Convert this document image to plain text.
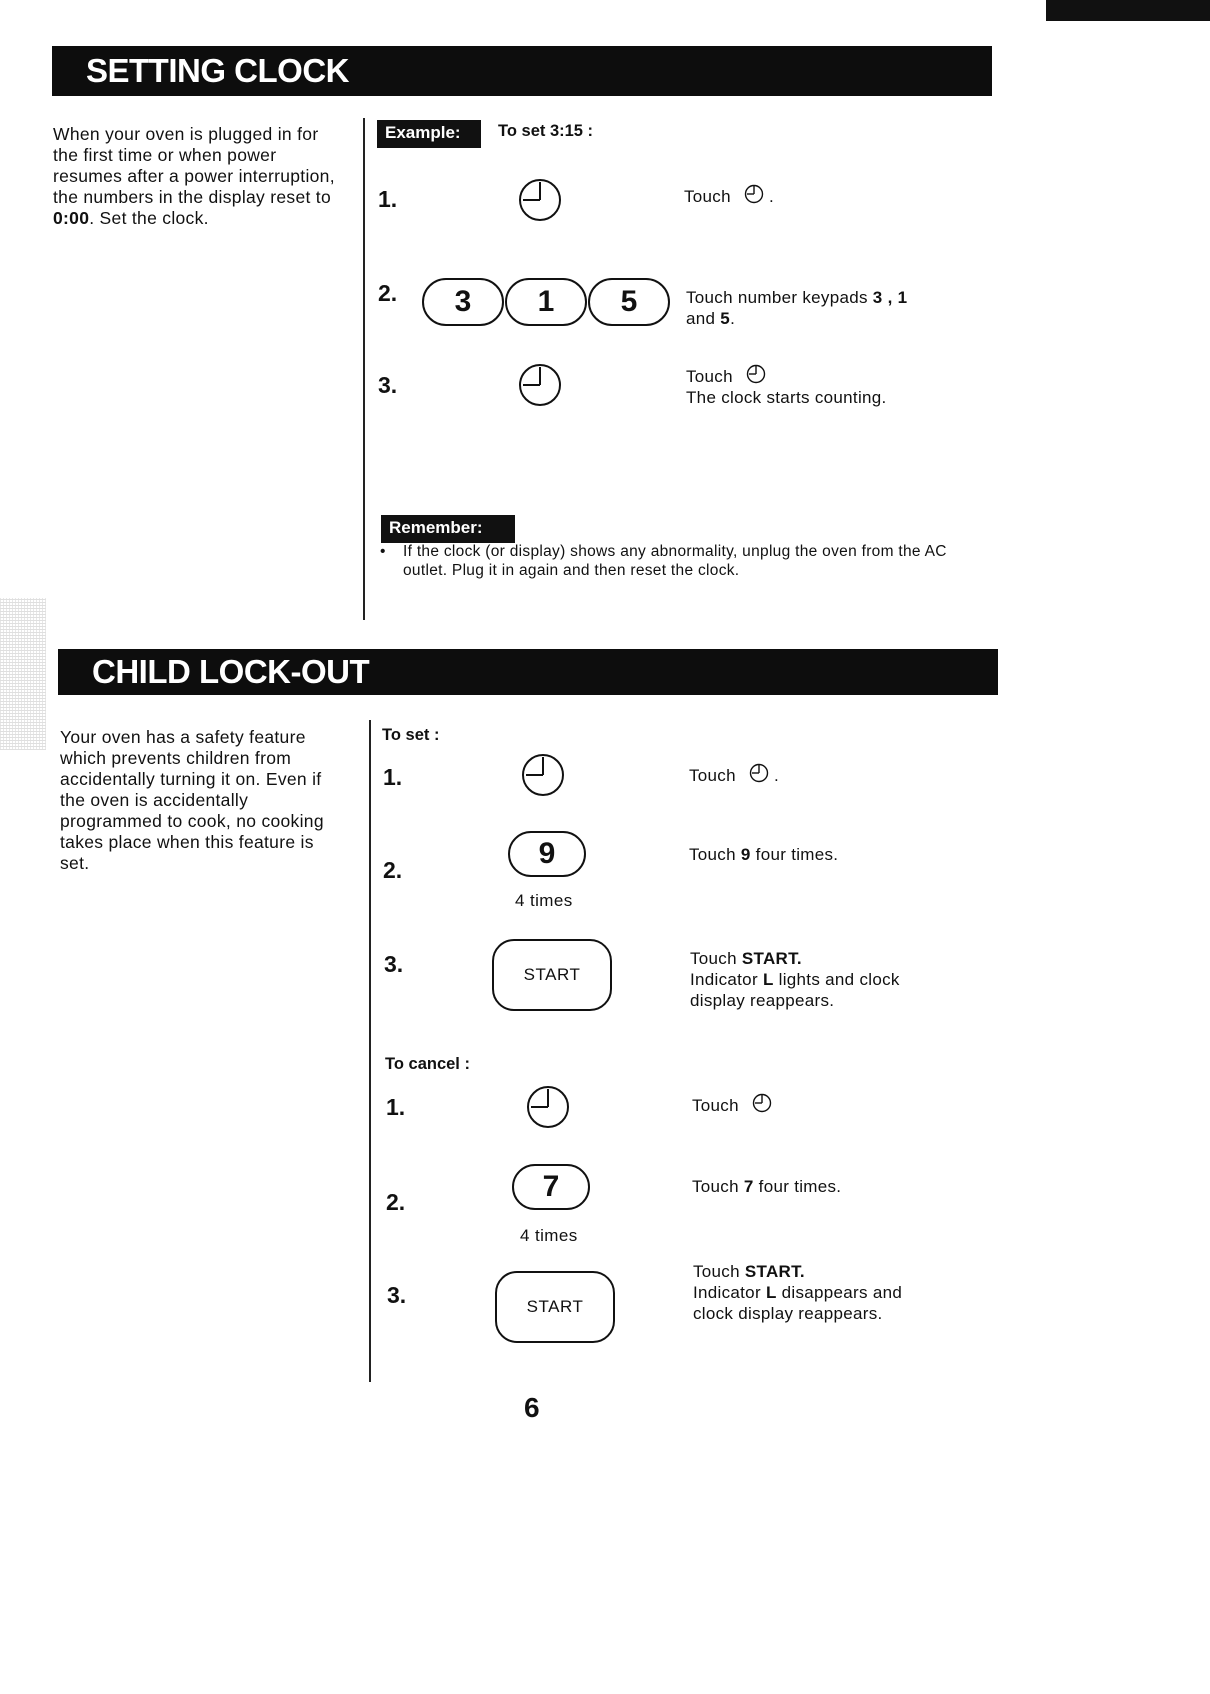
SETTING CLOCK
When your oven is plugged in for the first time or when power resumes after a power interruption, the numbers in the display reset to 0:00. Set the clock.
Example:	To set 3:15 :
1.	Touch .
2.	3	1	5	Touch number keypads 3 , 1
and 5.
3.	Touch
The clock starts counting.
Remember:
•	If the clock (or display) shows any abnormality, unplug the oven from the AC outlet. Plug it in again and then reset the clock.
CHILD LOCK-OUT
Your oven has a safety feature which prevents children from accidentally turning it on. Even if the oven is accidentally programmed to cook, no cooking takes place when this feature is set.
To set :
1.	Touch .
2.	9
4 times
Touch 9 four times.
3.	START
Touch START.
Indicator L lights and clock
display reappears.
To cancel :
1.	Touch
2.	7
4 times
Touch 7 four times.
3.	START
Touch START.
Indicator L disappears and
clock display reappears.
6
